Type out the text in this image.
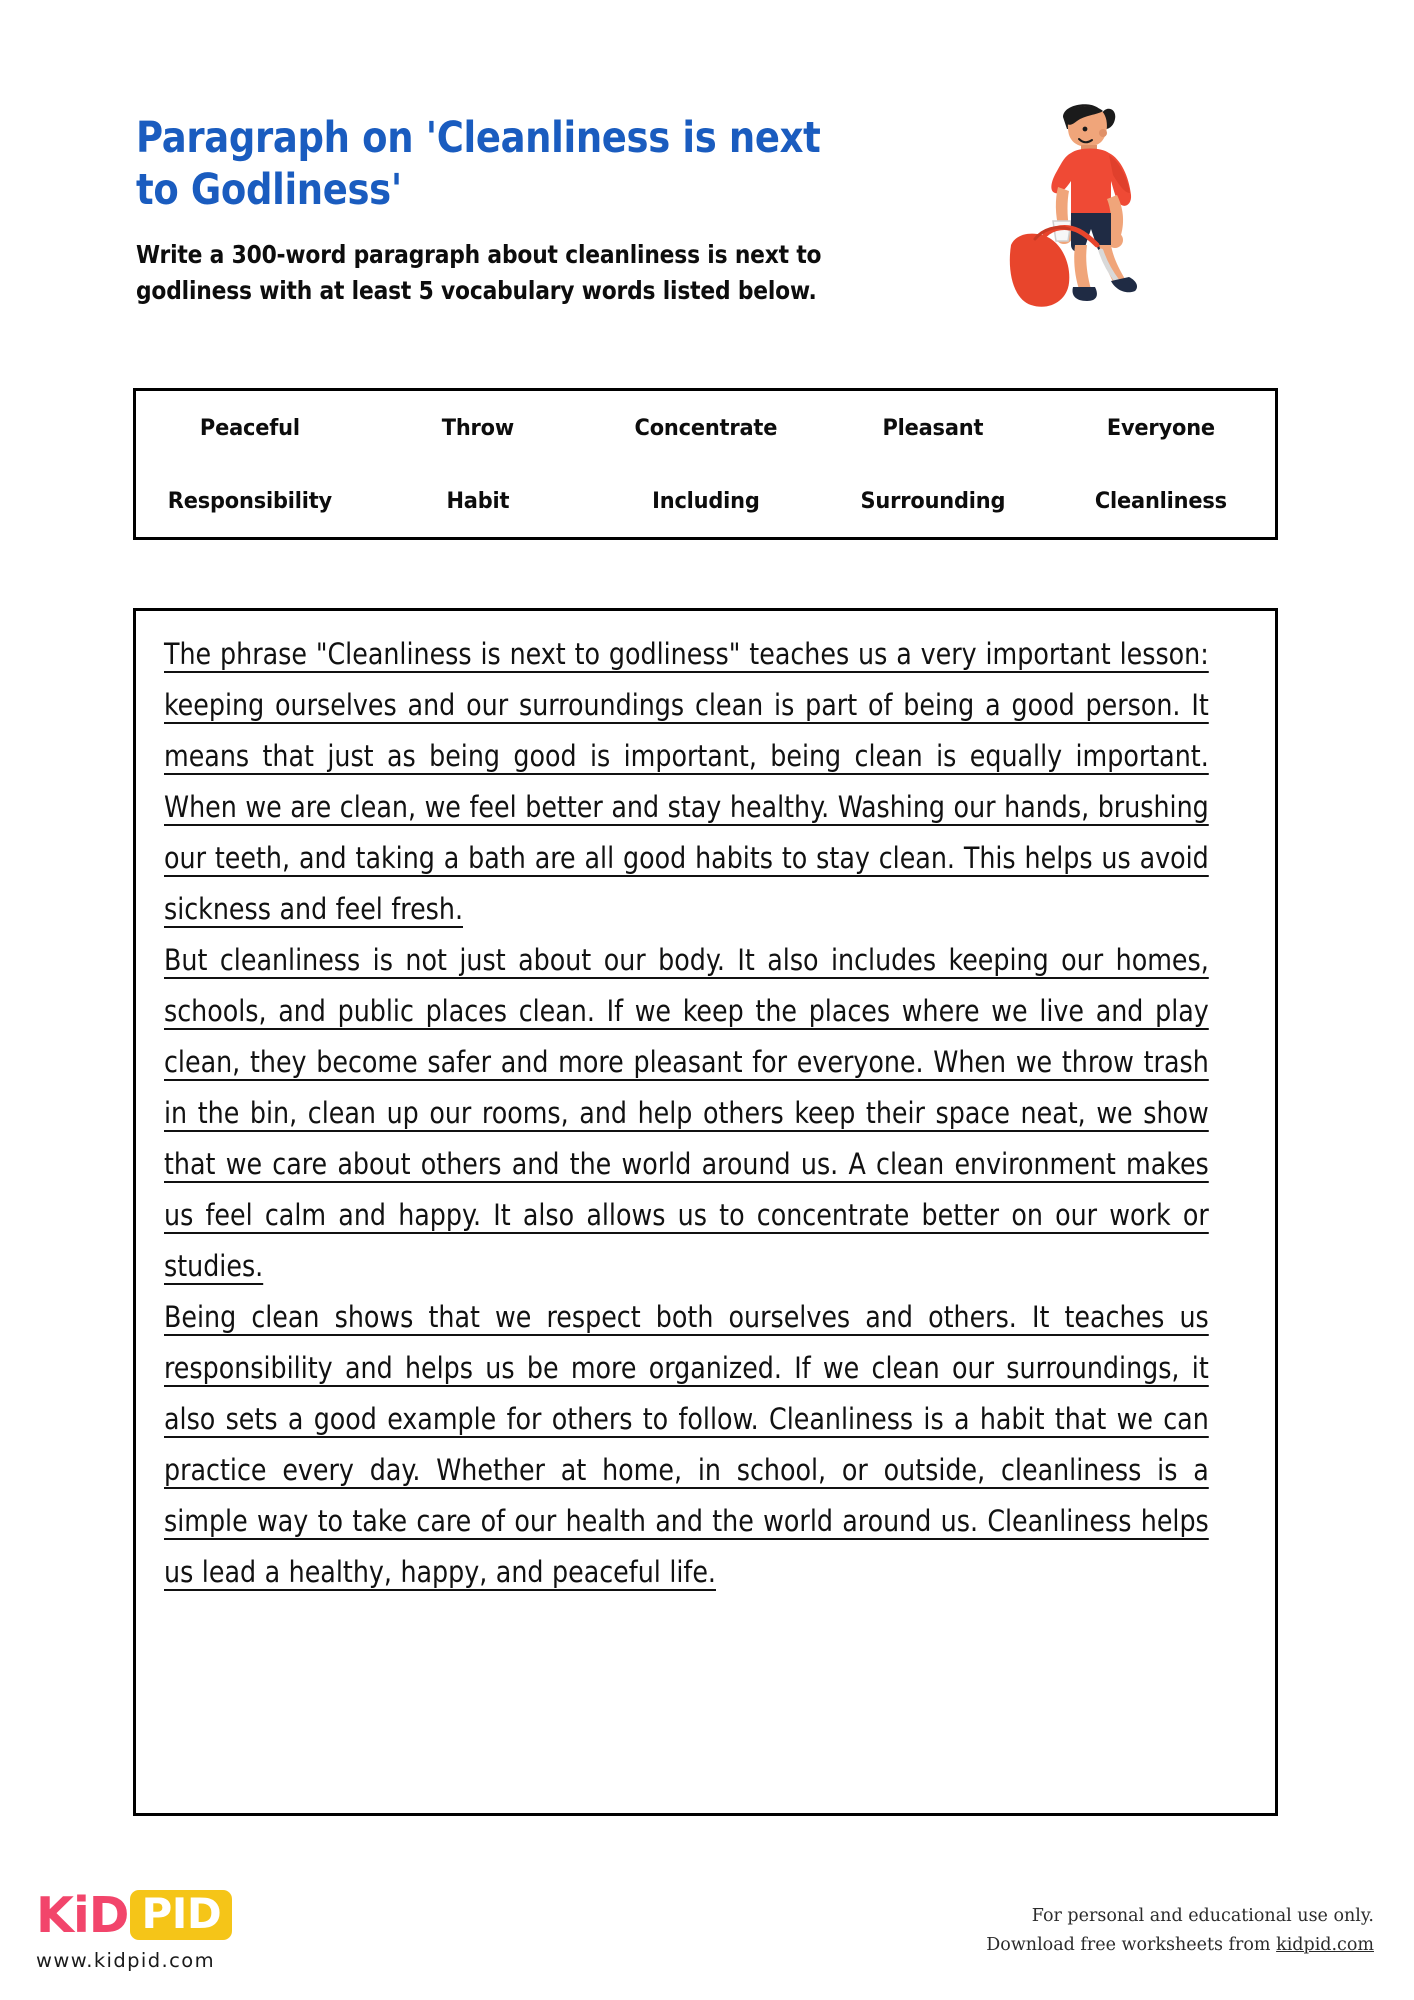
Paragraph on 'Cleanliness is next to Godliness'
Write a 300-word paragraph about cleanliness is next to godliness with at least 5 vocabulary words listed below.
Peaceful	Throw	Concentrate	Pleasant	Everyone
Responsibility	Habit	Including	Surrounding	Cleanliness
The phrase "Cleanliness is next to godliness" teaches us a very important lesson: keeping ourselves and our surroundings clean is part of being a good person. It means that just as being good is important, being clean is equally important. When we are clean, we feel better and stay healthy. Washing our hands, brushing our teeth, and taking a bath are all good habits to stay clean. This helps us avoid sickness and feel fresh.
But cleanliness is not just about our body. It also includes keeping our homes, schools, and public places clean. If we keep the places where we live and play clean, they become safer and more pleasant for everyone. When we throw trash in the bin, clean up our rooms, and help others keep their space neat, we show that we care about others and the world around us. A clean environment makes us feel calm and happy. It also allows us to concentrate better on our work or studies.
Being clean shows that we respect both ourselves and others. It teaches us responsibility and helps us be more organized. If we clean our surroundings, it also sets a good example for others to follow. Cleanliness is a habit that we can practice every day. Whether at home, in school, or outside, cleanliness is a simple way to take care of our health and the world around us. Cleanliness helps us lead a healthy, happy, and peaceful life.
KiD PID
www.kidpid.com
For personal and educational use only.
Download free worksheets from kidpid.com
